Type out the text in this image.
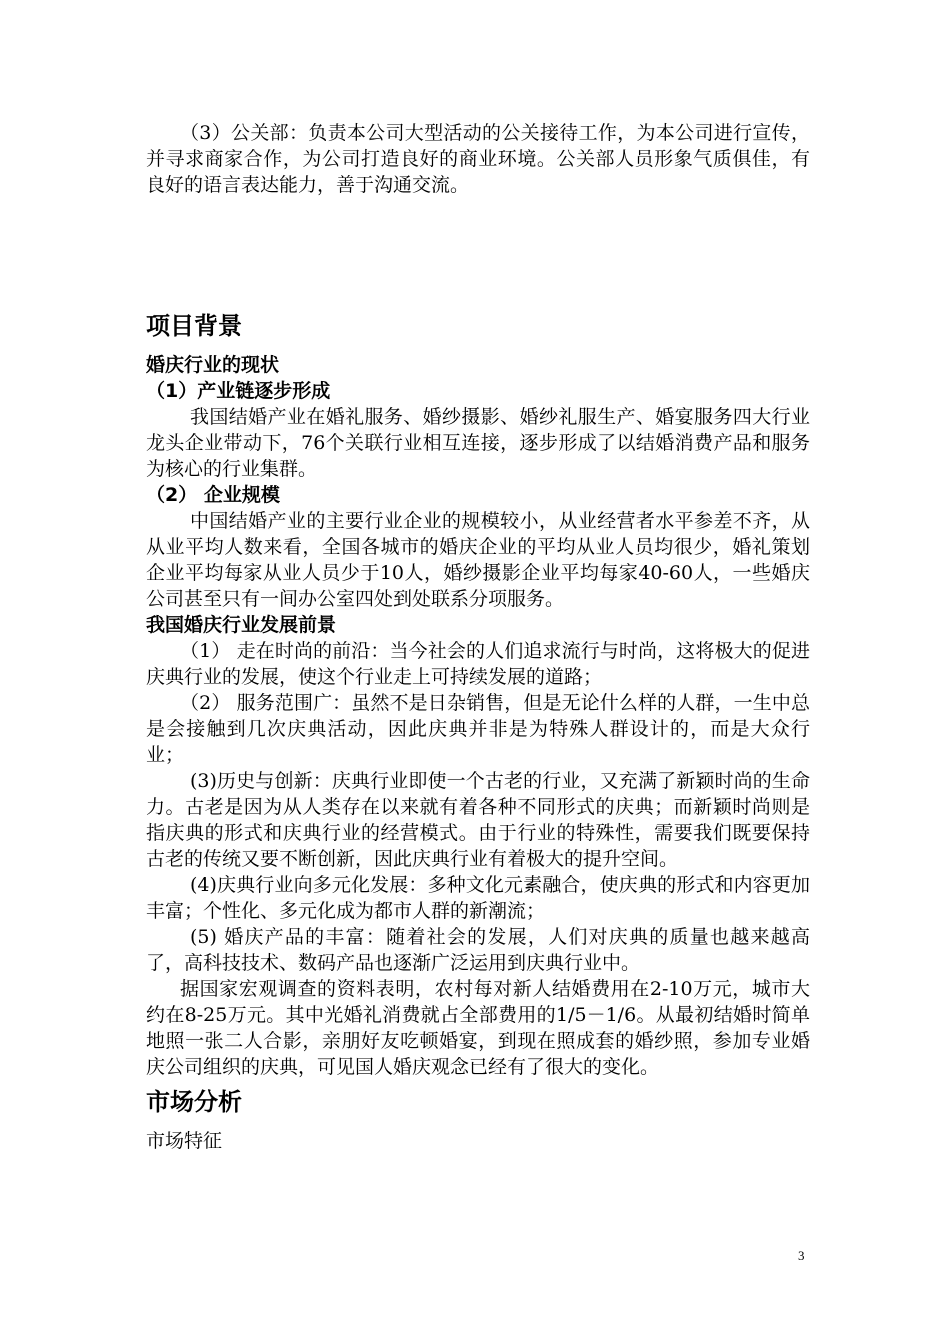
（3）公关部：负责本公司大型活动的公关接待工作，为本公司进行宣传，并寻求商家合作，为公司打造良好的商业环境。公关部人员形象气质俱佳，有良好的语言表达能力，善于沟通交流。

项目背景

婚庆行业的现状

（1）产业链逐步形成

我国结婚产业在婚礼服务、婚纱摄影、婚纱礼服生产、婚宴服务四大行业龙头企业带动下，76个关联行业相互连接，逐步形成了以结婚消费产品和服务为核心的行业集群。

（2） 企业规模

中国结婚产业的主要行业企业的规模较小，从业经营者水平参差不齐，从从业平均人数来看，全国各城市的婚庆企业的平均从业人员均很少，婚礼策划企业平均每家从业人员少于10人，婚纱摄影企业平均每家40-60人，一些婚庆公司甚至只有一间办公室四处到处联系分项服务。

我国婚庆行业发展前景

（1） 走在时尚的前沿：当今社会的人们追求流行与时尚，这将极大的促进庆典行业的发展，使这个行业走上可持续发展的道路；

（2） 服务范围广：虽然不是日杂销售，但是无论什么样的人群，一生中总是会接触到几次庆典活动，因此庆典并非是为特殊人群设计的，而是大众行业；

(3)历史与创新：庆典行业即使一个古老的行业，又充满了新颖时尚的生命力。古老是因为从人类存在以来就有着各种不同形式的庆典；而新颖时尚则是指庆典的形式和庆典行业的经营模式。由于行业的特殊性，需要我们既要保持古老的传统又要不断创新，因此庆典行业有着极大的提升空间。

(4)庆典行业向多元化发展：多种文化元素融合，使庆典的形式和内容更加丰富；个性化、多元化成为都市人群的新潮流；

(5) 婚庆产品的丰富：随着社会的发展，人们对庆典的质量也越来越高了，高科技技术、数码产品也逐渐广泛运用到庆典行业中。

据国家宏观调查的资料表明，农村每对新人结婚费用在2-10万元，城市大约在8-25万元。其中光婚礼消费就占全部费用的1/5－1/6。从最初结婚时简单地照一张二人合影，亲朋好友吃顿婚宴，到现在照成套的婚纱照，参加专业婚庆公司组织的庆典，可见国人婚庆观念已经有了很大的变化。

市场分析

市场特征

3
